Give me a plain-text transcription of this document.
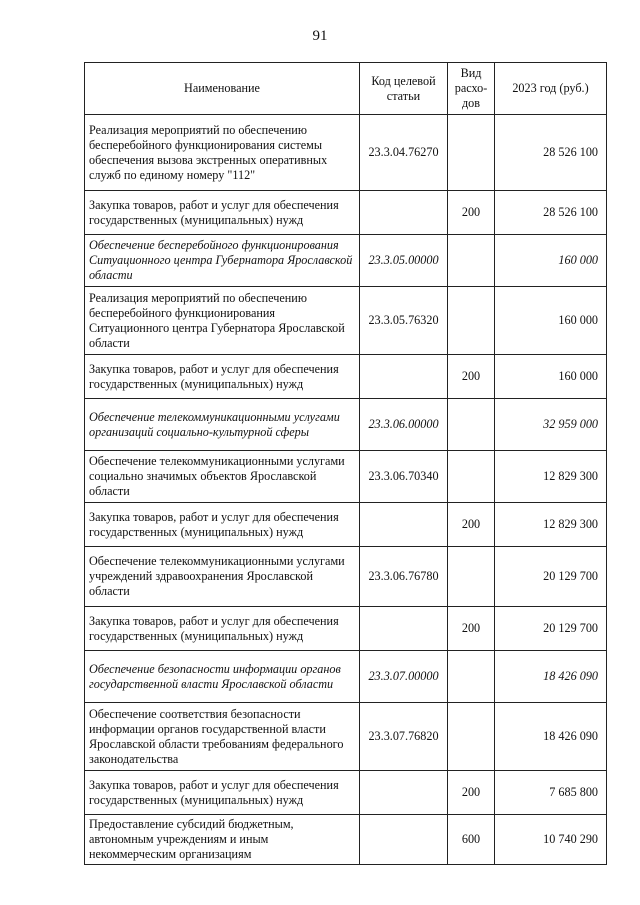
91
Наименование	Код целевой статьи	Вид расхо-дов	2023 год (руб.)
Реализация мероприятий по обеспечению бесперебойного функционирования системы обеспечения вызова экстренных оперативных служб по единому номеру "112"	23.3.04.76270		28 526 100
Закупка товаров, работ и услуг для обеспечения государственных (муниципальных) нужд		200	28 526 100
Обеспечение бесперебойного функционирования Ситуационного центра Губернатора Ярославской области	23.3.05.00000		160 000
Реализация мероприятий по обеспечению бесперебойного функционирования Ситуационного центра Губернатора Ярославской области	23.3.05.76320		160 000
Закупка товаров, работ и услуг для обеспечения государственных (муниципальных) нужд		200	160 000
Обеспечение телекоммуникационными услугами организаций социально-культурной сферы	23.3.06.00000		32 959 000
Обеспечение телекоммуникационными услугами социально значимых объектов Ярославской области	23.3.06.70340		12 829 300
Закупка товаров, работ и услуг для обеспечения государственных (муниципальных) нужд		200	12 829 300
Обеспечение телекоммуникационными услугами учреждений здравоохранения Ярославской области	23.3.06.76780		20 129 700
Закупка товаров, работ и услуг для обеспечения государственных (муниципальных) нужд		200	20 129 700
Обеспечение безопасности информации органов государственной власти Ярославской области	23.3.07.00000		18 426 090
Обеспечение соответствия безопасности информации органов государственной власти Ярославской области требованиям федерального законодательства	23.3.07.76820		18 426 090
Закупка товаров, работ и услуг для обеспечения государственных (муниципальных) нужд		200	7 685 800
Предоставление субсидий бюджетным, автономным учреждениям и иным некоммерческим организациям		600	10 740 290
